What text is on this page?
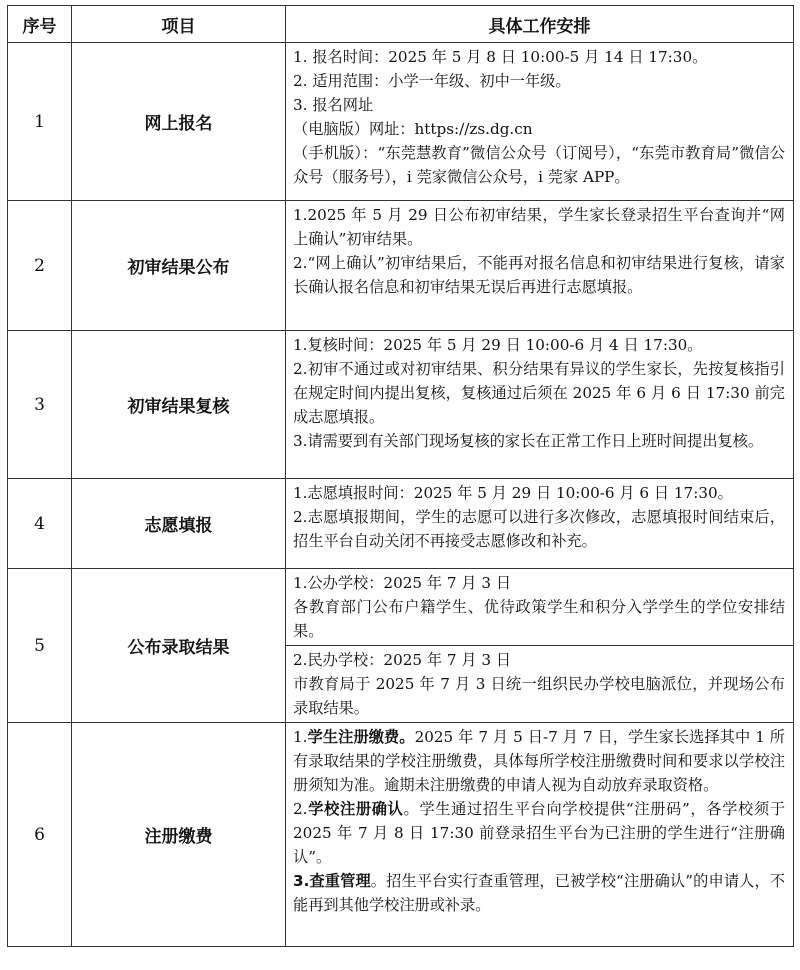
序号	项目	具体工作安排
1	网上报名	1. 报名时间：2025 年 5 月 8 日 10:00-5 月 14 日 17:30。
2. 适用范围：小学一年级、初中一年级。
3. 报名网址
（电脑版）网址：https://zs.dg.cn
（手机版）：“东莞慧教育”微信公众号（订阅号），“东莞市教育局”微信公众号（服务号），i 莞家微信公众号，i 莞家 APP。

2	初审结果公布	1.2025 年 5 月 29 日公布初审结果，学生家长登录招生平台查询并“网上确认”初审结果。
2.“网上确认”初审结果后，不能再对报名信息和初审结果进行复核，请家长确认报名信息和初审结果无误后再进行志愿填报。

3	初审结果复核	1.复核时间：2025 年 5 月 29 日 10:00-6 月 4 日 17:30。
2.初审不通过或对初审结果、积分结果有异议的学生家长，先按复核指引在规定时间内提出复核，复核通过后须在 2025 年 6 月 6 日 17:30 前完成志愿填报。
3.请需要到有关部门现场复核的家长在正常工作日上班时间提出复核。

4	志愿填报	1.志愿填报时间：2025 年 5 月 29 日 10:00-6 月 6 日 17:30。
2.志愿填报期间，学生的志愿可以进行多次修改，志愿填报时间结束后，招生平台自动关闭不再接受志愿修改和补充。

5	公布录取结果	1.公办学校：2025 年 7 月 3 日
各教育部门公布户籍学生、优待政策学生和积分入学学生的学位安排结果。

		2.民办学校：2025 年 7 月 3 日
市教育局于 2025 年 7 月 3 日统一组织民办学校电脑派位，并现场公布录取结果。

6	注册缴费	1.学生注册缴费。2025 年 7 月 5 日-7 月 7 日，学生家长选择其中 1 所有录取结果的学校注册缴费，具体每所学校注册缴费时间和要求以学校注册须知为准。逾期未注册缴费的申请人视为自动放弃录取资格。
2.学校注册确认。学生通过招生平台向学校提供“注册码”，各学校须于 2025 年 7 月 8 日 17:30 前登录招生平台为已注册的学生进行“注册确认”。
3.查重管理。招生平台实行查重管理，已被学校“注册确认”的申请人，不能再到其他学校注册或补录。
